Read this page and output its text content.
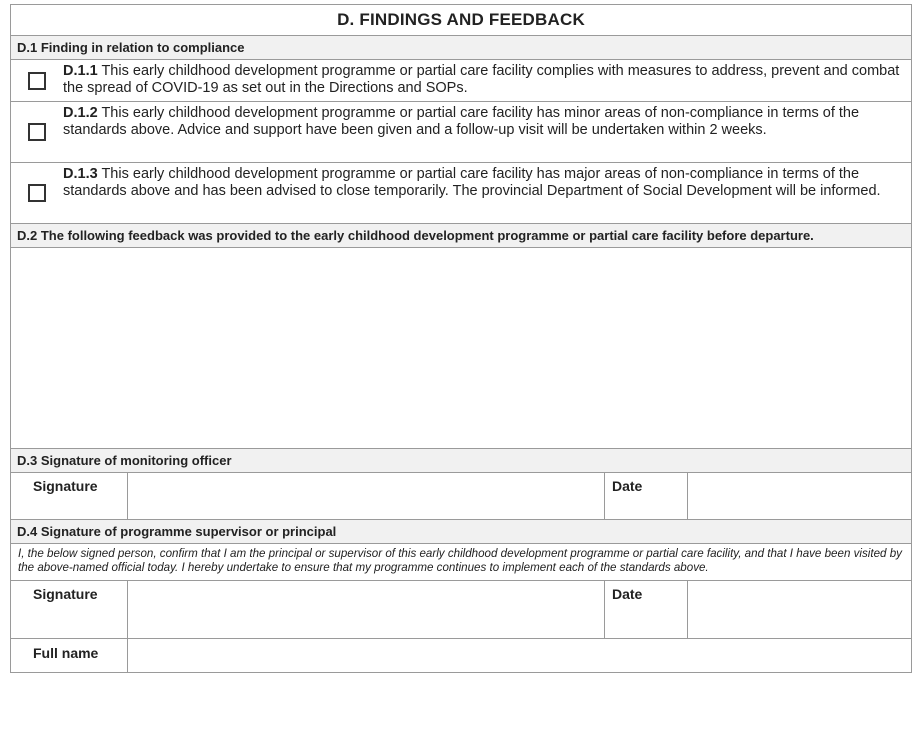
D. FINDINGS AND FEEDBACK
D.1 Finding in relation to compliance
D.1.1 This early childhood development programme or partial care facility complies with measures to address, prevent and combat the spread of COVID-19 as set out in the Directions and SOPs.
D.1.2 This early childhood development programme or partial care facility has minor areas of non-compliance in terms of the standards above. Advice and support have been given and a follow-up visit will be undertaken within 2 weeks.
D.1.3 This early childhood development programme or partial care facility has major areas of non-compliance in terms of the standards above and has been advised to close temporarily. The provincial Department of Social Development will be informed.
D.2 The following feedback was provided to the early childhood development programme or partial care facility before departure.
D.3 Signature of monitoring officer
Signature	Date
D.4 Signature of programme supervisor or principal
I, the below signed person, confirm that I am the principal or supervisor of this early childhood development programme or partial care facility, and that I have been visited by the above-named official today. I hereby undertake to ensure that my programme continues to implement each of the standards above.
Signature	Date
Full name
